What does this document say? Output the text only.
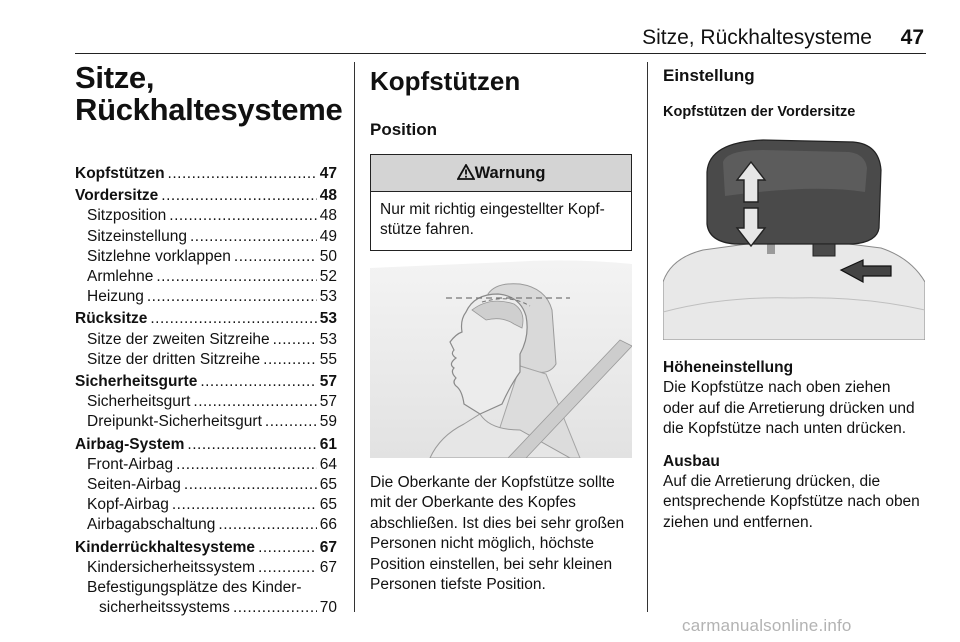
Sitze, Rückhaltesysteme 47
Sitze,
Rückhaltesysteme
Kopfstützen .....	47
Vordersitze .....	48
Sitzposition .....	48
Sitzeinstellung .....	49
Sitzlehne vorklappen .....	50
Armlehne .....	52
Heizung .....	53
Rücksitze .....	53
Sitze der zweiten Sitzreihe .....	53
Sitze der dritten Sitzreihe .....	55
Sicherheitsgurte .....	57
Sicherheitsgurt .....	57
Dreipunkt-Sicherheitsgurt .....	59
Airbag-System .....	61
Front-Airbag .....	64
Seiten-Airbag .....	65
Kopf-Airbag .....	65
Airbagabschaltung .....	66
Kinderrückhaltesysteme .....	67
Kindersicherheitssystem .....	67
Befestigungsplätze des Kinder-
sicherheitssystems .....	70
Kopfstützen
Position
Warnung
Nur mit richtig eingestellter Kopf-
stütze fahren.
Die Oberkante der Kopfstütze sollte
mit der Oberkante des Kopfes
abschließen. Ist dies bei sehr großen
Personen nicht möglich, höchste
Position einstellen, bei sehr kleinen
Personen tiefste Position.
Einstellung
Kopfstützen der Vordersitze
Höheneinstellung
Die Kopfstütze nach oben ziehen
oder auf die Arretierung drücken und
die Kopfstütze nach unten drücken.
Ausbau
Auf die Arretierung drücken, die
entsprechende Kopfstütze nach oben
ziehen und entfernen.
carmanualsonline.info
